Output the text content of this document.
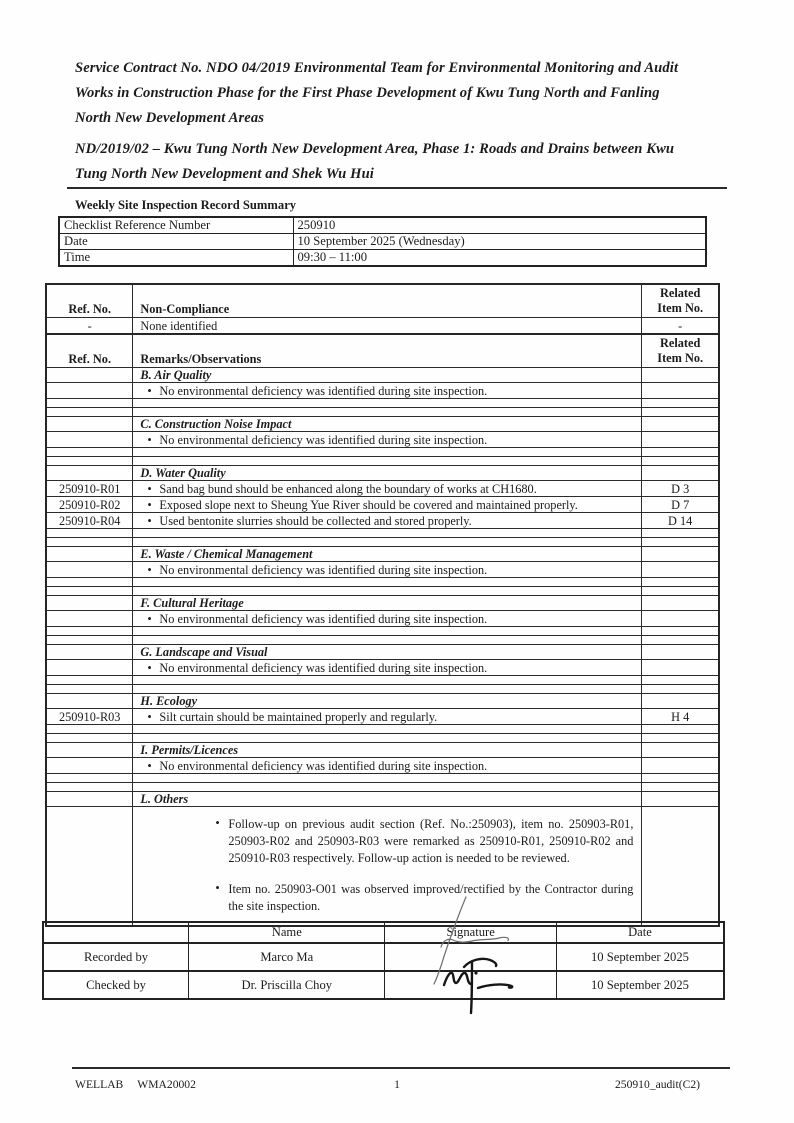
Service Contract No. NDO 04/2019 Environmental Team for Environmental Monitoring and Audit Works in Construction Phase for the First Phase Development of Kwu Tung North and Fanling North New Development Areas

ND/2019/02 – Kwu Tung North New Development Area, Phase 1: Roads and Drains between Kwu Tung North New Development and Shek Wu Hui

Weekly Site Inspection Record Summary
Checklist Reference Number	250910
Date	10 September 2025 (Wednesday)
Time	09:30 – 11:00
Ref. No.	Non-Compliance	Related
Item No.

-	None identified	-
Ref. No.	Remarks/Observations	Related
Item No.

	B. Air Quality	
	• No environmental deficiency was identified during site inspection.	

	C. Construction Noise Impact	
	• No environmental deficiency was identified during site inspection.	

	D. Water Quality	
250910-R01	• Sand bag bund should be enhanced along the boundary of works at CH1680.	D 3
250910-R02	• Exposed slope next to Sheung Yue River should be covered and maintained properly.	D 7
250910-R04	• Used bentonite slurries should be collected and stored properly.	D 14

	E. Waste / Chemical Management	
	• No environmental deficiency was identified during site inspection.	

	F. Cultural Heritage	
	• No environmental deficiency was identified during site inspection.	

	G. Landscape and Visual	
	• No environmental deficiency was identified during site inspection.	

	H. Ecology	
250910-R03	• Silt curtain should be maintained properly and regularly.	H 4

	I. Permits/Licences	
	• No environmental deficiency was identified during site inspection.	

	L. Others	

	• Follow-up on previous audit section (Ref. No.:250903), item no. 250903-R01, 250903-R02 and 250903-R03 were remarked as 250910-R01, 250910-R02 and 250910-R03 respectively. Follow-up action is needed to be reviewed.
• Item no. 250903-O01 was observed improved/rectified by the Contractor during the site inspection.	

	Name	Signature	Date
Recorded by	Marco Ma		10 September 2025
Checked by	Dr. Priscilla Choy		10 September 2025
WELLAB WMA20002	1	250910_audit(C2)
